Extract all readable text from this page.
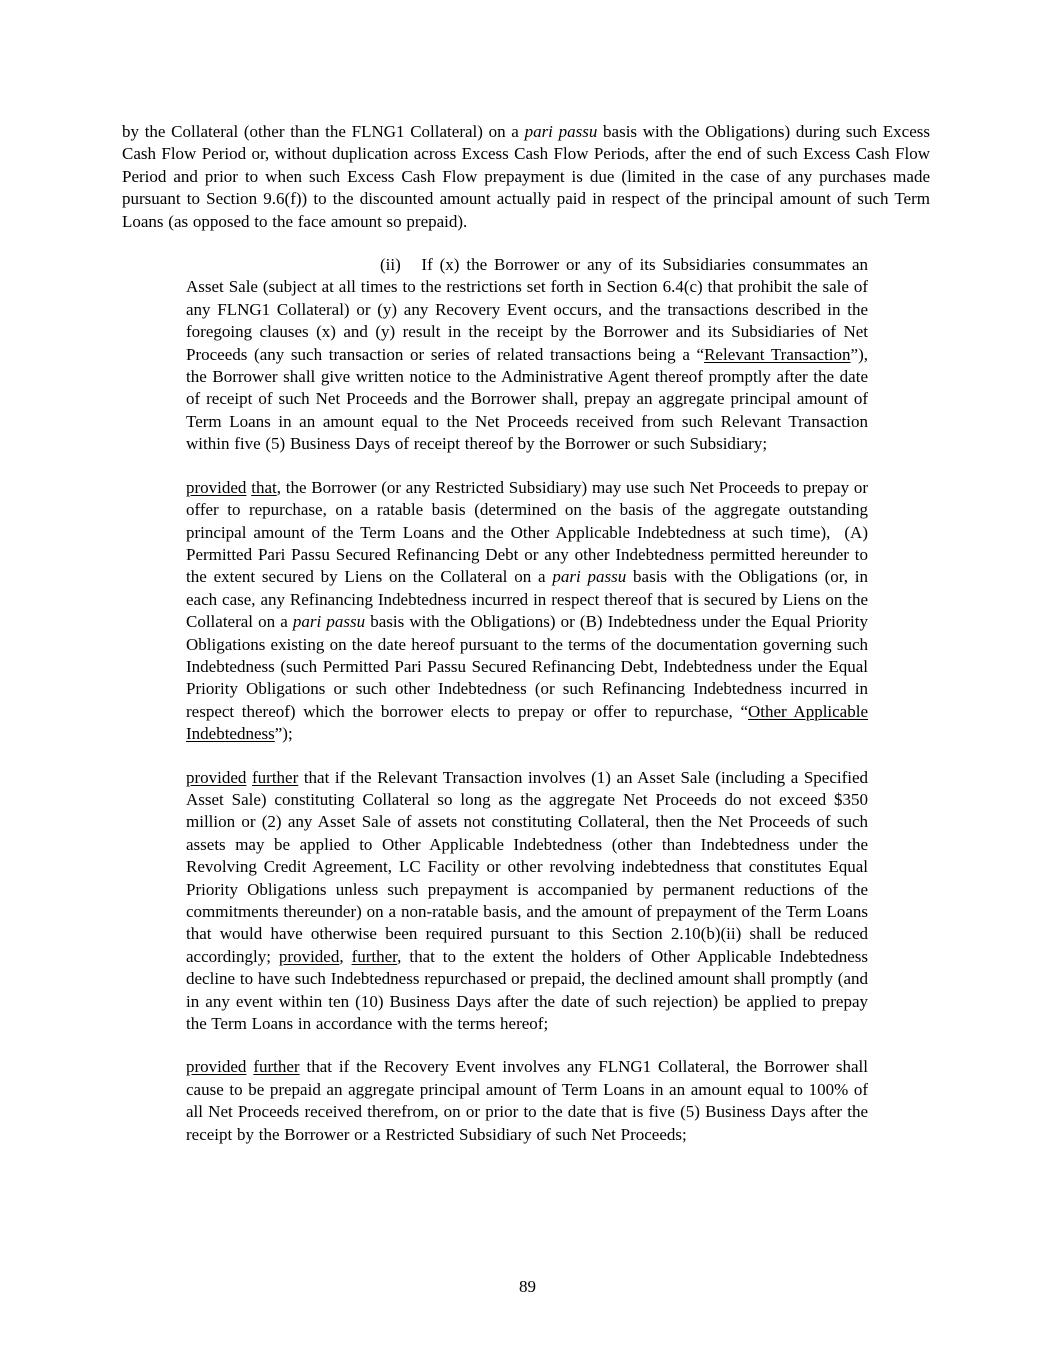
by the Collateral (other than the FLNG1 Collateral) on a pari passu basis with the Obligations) during such Excess Cash Flow Period or, without duplication across Excess Cash Flow Periods, after the end of such Excess Cash Flow Period and prior to when such Excess Cash Flow prepayment is due (limited in the case of any purchases made pursuant to Section 9.6(f)) to the discounted amount actually paid in respect of the principal amount of such Term Loans (as opposed to the face amount so prepaid).

(ii)   If (x) the Borrower or any of its Subsidiaries consummates an Asset Sale (subject at all times to the restrictions set forth in Section 6.4(c) that prohibit the sale of any FLNG1 Collateral) or (y) any Recovery Event occurs, and the transactions described in the foregoing clauses (x) and (y) result in the receipt by the Borrower and its Subsidiaries of Net Proceeds (any such transaction or series of related transactions being a “Relevant Transaction”), the Borrower shall give written notice to the Administrative Agent thereof promptly after the date of receipt of such Net Proceeds and the Borrower shall, prepay an aggregate principal amount of Term Loans in an amount equal to the Net Proceeds received from such Relevant Transaction within five (5) Business Days of receipt thereof by the Borrower or such Subsidiary;

provided that, the Borrower (or any Restricted Subsidiary) may use such Net Proceeds to prepay or offer to repurchase, on a ratable basis (determined on the basis of the aggregate outstanding principal amount of the Term Loans and the Other Applicable Indebtedness at such time),  (A) Permitted Pari Passu Secured Refinancing Debt or any other Indebtedness permitted hereunder to the extent secured by Liens on the Collateral on a pari passu basis with the Obligations (or, in each case, any Refinancing Indebtedness incurred in respect thereof that is secured by Liens on the Collateral on a pari passu basis with the Obligations) or (B) Indebtedness under the Equal Priority Obligations existing on the date hereof pursuant to the terms of the documentation governing such Indebtedness (such Permitted Pari Passu Secured Refinancing Debt, Indebtedness under the Equal Priority Obligations or such other Indebtedness (or such Refinancing Indebtedness incurred in respect thereof) which the borrower elects to prepay or offer to repurchase, “Other Applicable Indebtedness”);

provided further that if the Relevant Transaction involves (1) an Asset Sale (including a Specified Asset Sale) constituting Collateral so long as the aggregate Net Proceeds do not exceed $350 million or (2) any Asset Sale of assets not constituting Collateral, then the Net Proceeds of such assets may be applied to Other Applicable Indebtedness (other than Indebtedness under the Revolving Credit Agreement, LC Facility or other revolving indebtedness that constitutes Equal Priority Obligations unless such prepayment is accompanied by permanent reductions of the commitments thereunder) on a non-ratable basis, and the amount of prepayment of the Term Loans that would have otherwise been required pursuant to this Section 2.10(b)(ii) shall be reduced accordingly; provided, further, that to the extent the holders of Other Applicable Indebtedness decline to have such Indebtedness repurchased or prepaid, the declined amount shall promptly (and in any event within ten (10) Business Days after the date of such rejection) be applied to prepay the Term Loans in accordance with the terms hereof;

provided further that if the Recovery Event involves any FLNG1 Collateral, the Borrower shall cause to be prepaid an aggregate principal amount of Term Loans in an amount equal to 100% of all Net Proceeds received therefrom, on or prior to the date that is five (5) Business Days after the receipt by the Borrower or a Restricted Subsidiary of such Net Proceeds;

89
